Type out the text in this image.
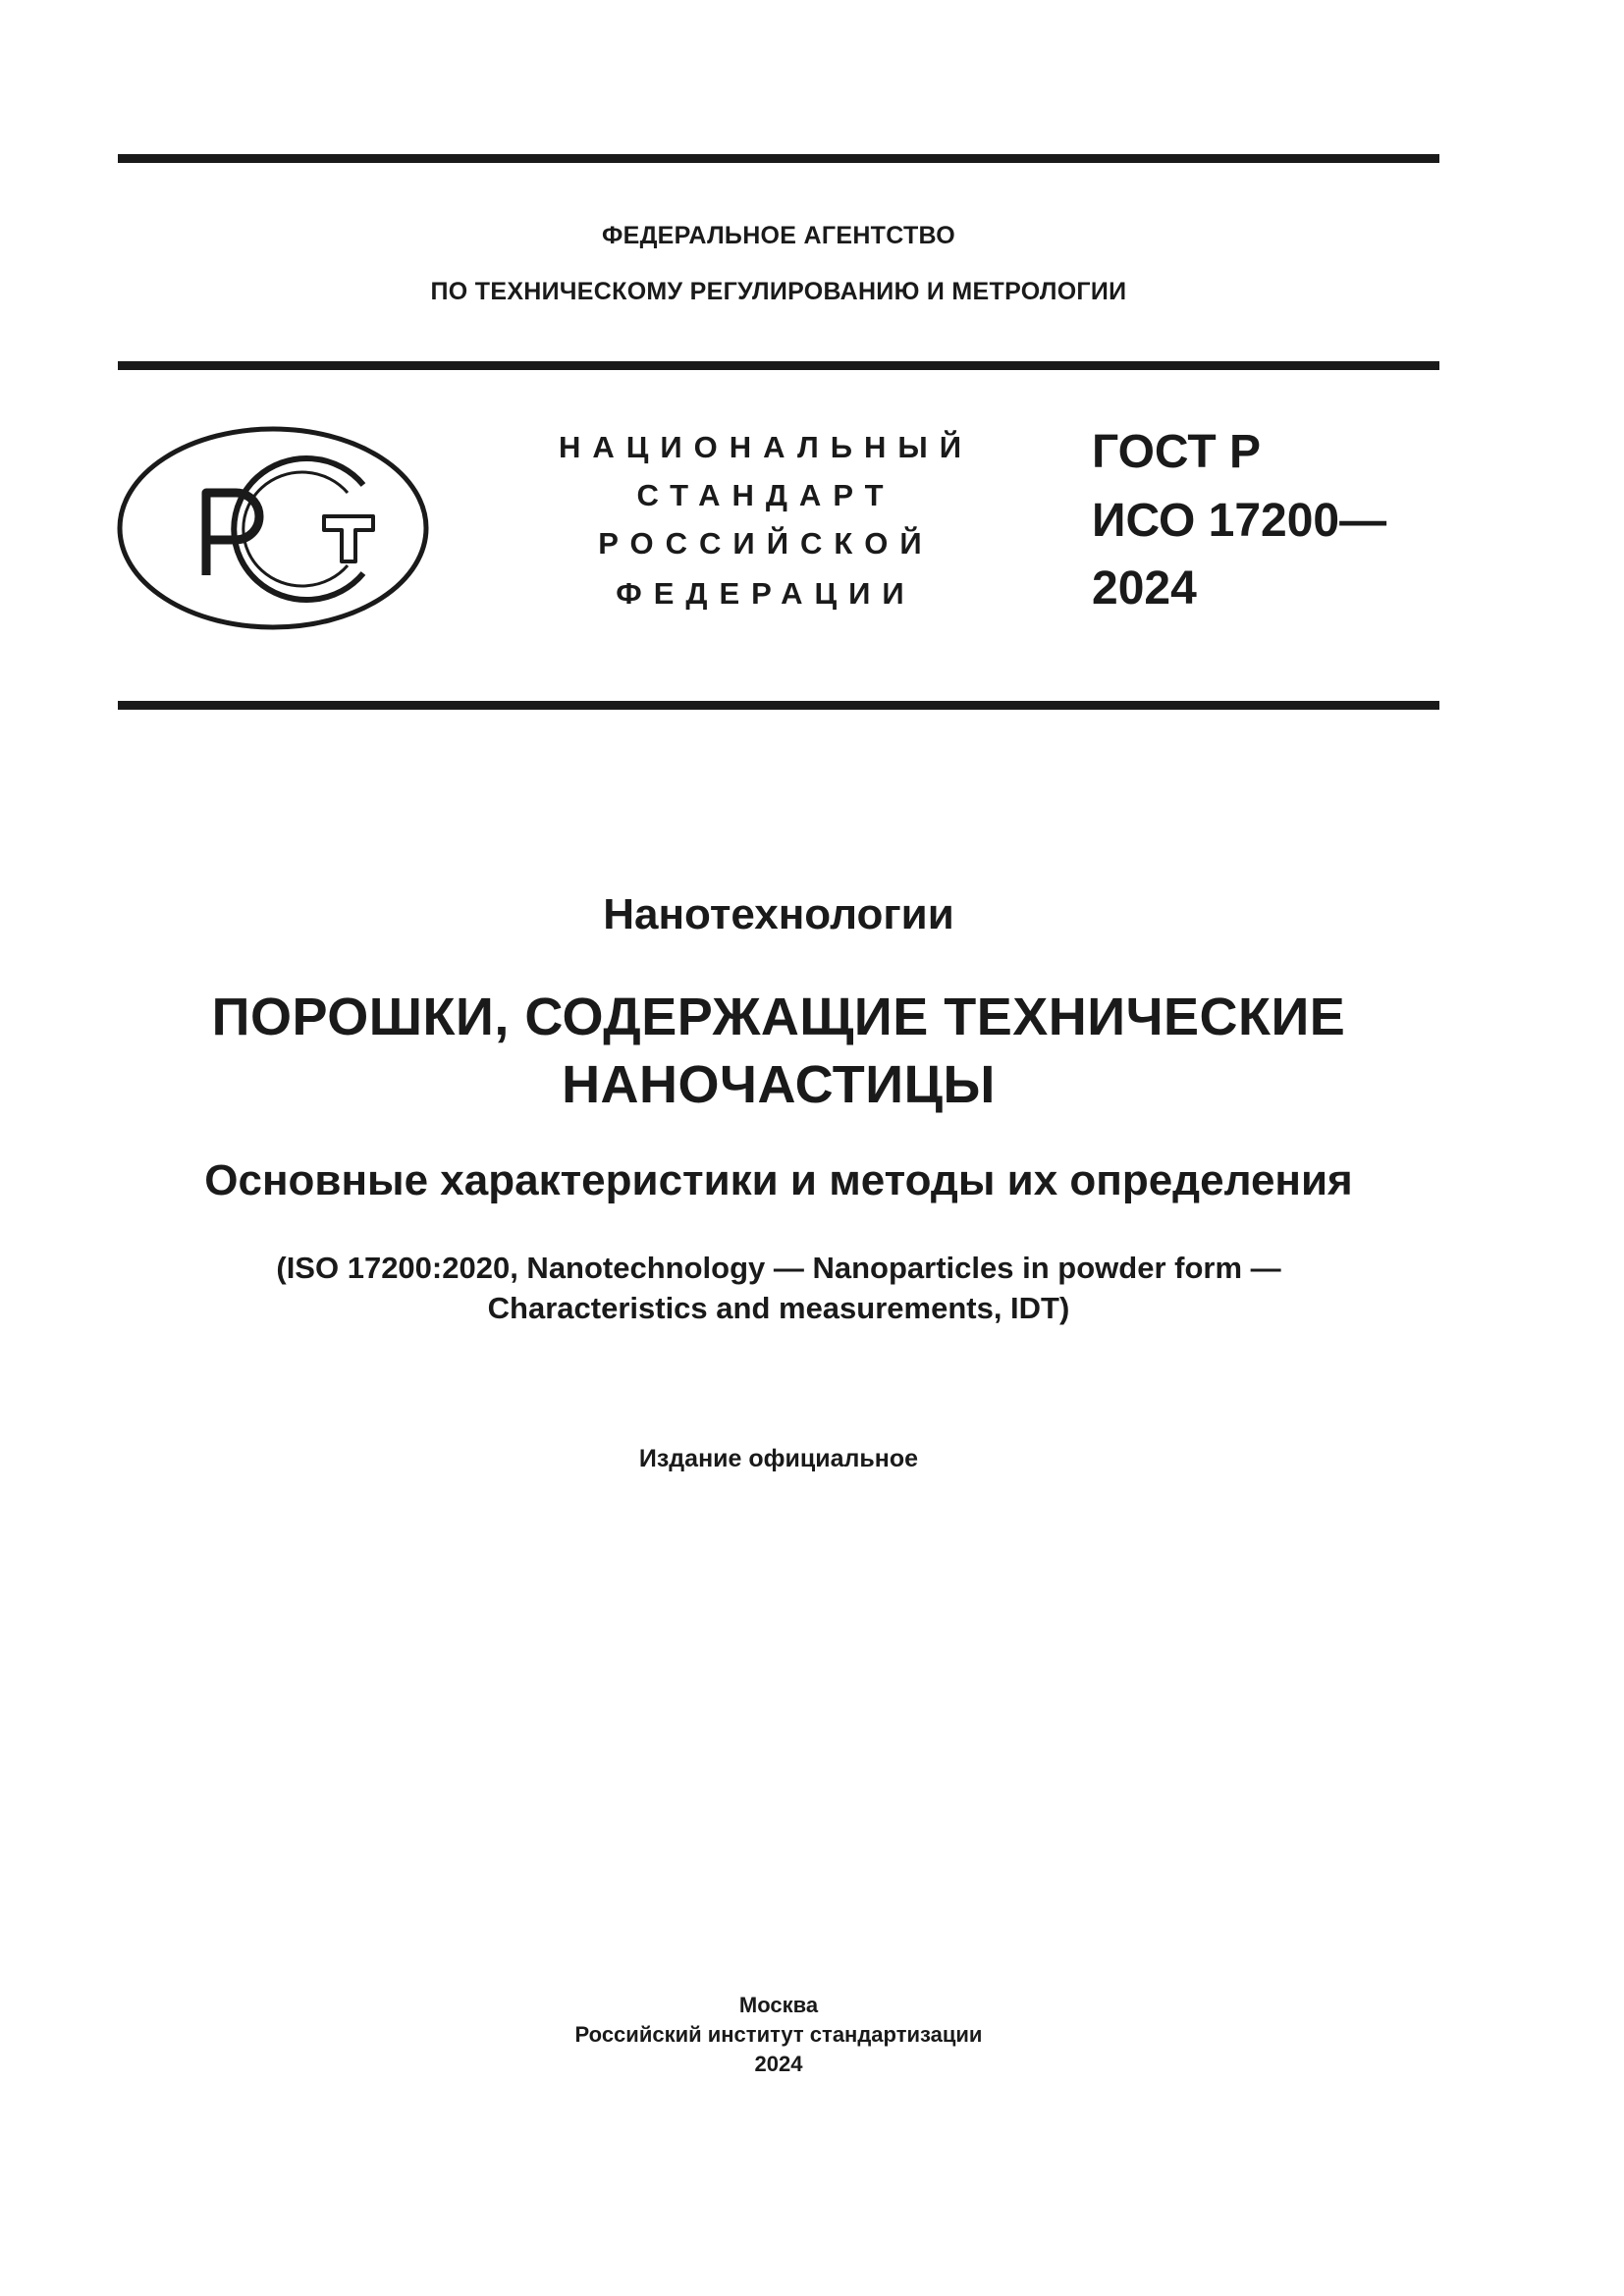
ФЕДЕРАЛЬНОЕ АГЕНТСТВО
ПО ТЕХНИЧЕСКОМУ РЕГУЛИРОВАНИЮ И МЕТРОЛОГИИ
НАЦИОНАЛЬНЫЙ
СТАНДАРТ
РОССИЙСКОЙ
ФЕДЕРАЦИИ
ГОСТ Р
ИСО 17200—
2024
Нанотехнологии
ПОРОШКИ, СОДЕРЖАЩИЕ ТЕХНИЧЕСКИЕ
НАНОЧАСТИЦЫ
Основные характеристики и методы их определения
(ISO 17200:2020, Nanotechnology — Nanoparticles in powder form —
Characteristics and measurements, IDT)
Издание официальное
Москва
Российский институт стандартизации
2024
